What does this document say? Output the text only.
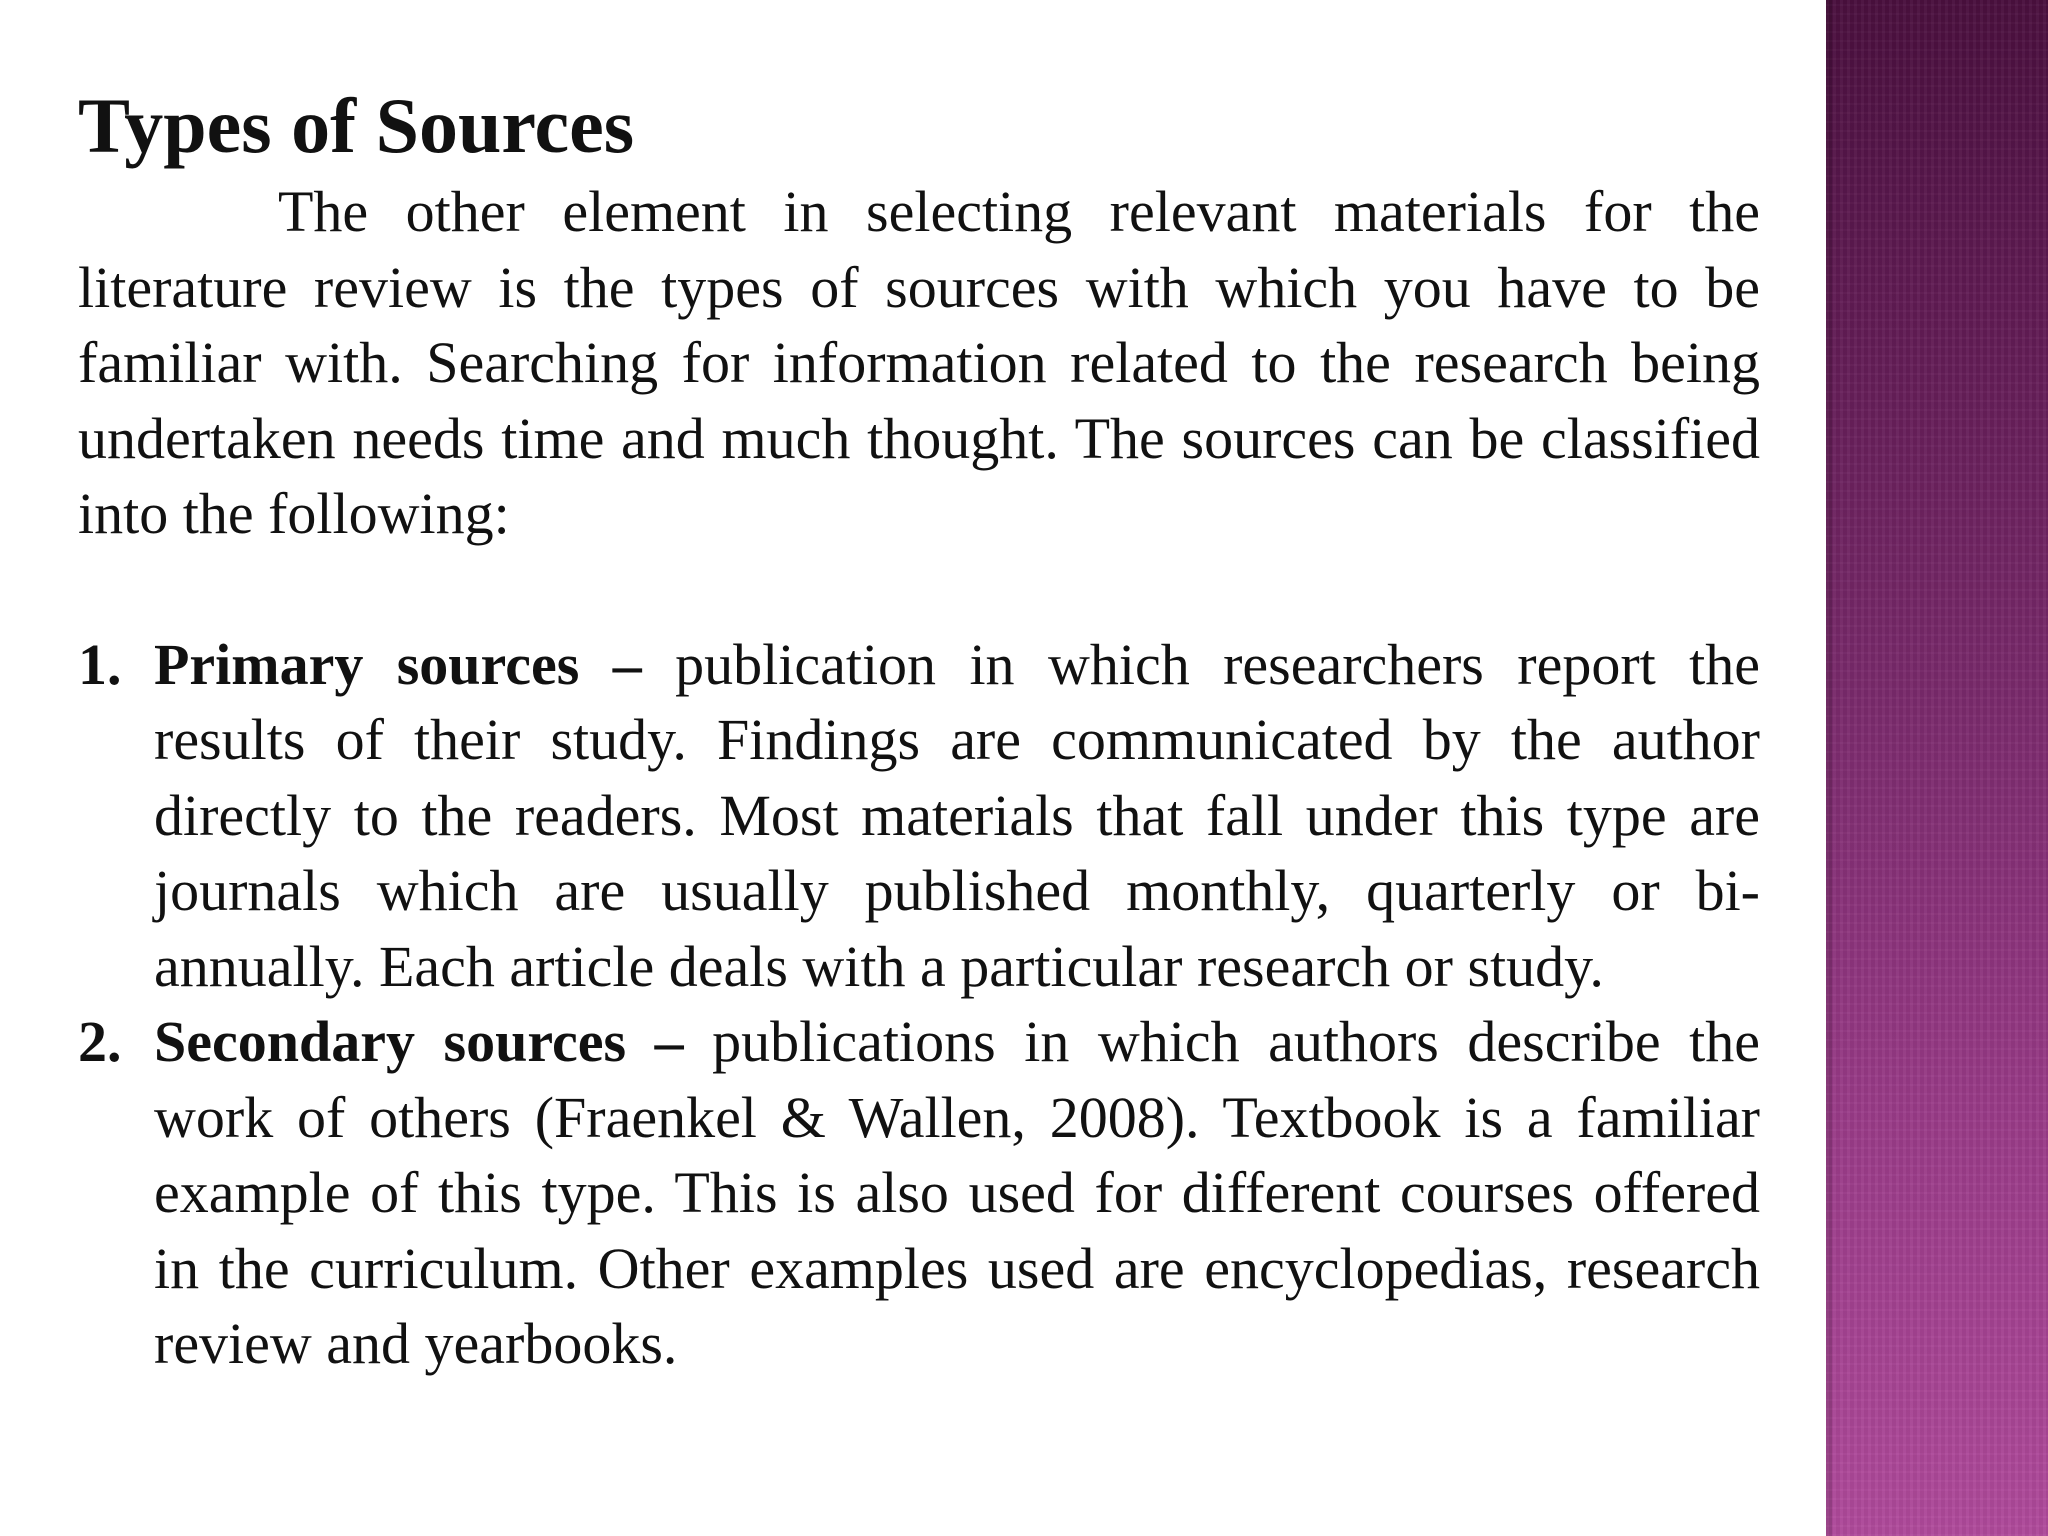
Types of Sources

The other element in selecting relevant materials for the literature review is the types of sources with which you have to be familiar with. Searching for information related to the research being undertaken needs time and much thought. The sources can be classified into the following:

1. Primary sources – publication in which researchers report the results of their study. Findings are communicated by the author directly to the readers. Most materials that fall under this type are journals which are usually published monthly, quarterly or bi-annually. Each article deals with a particular research or study.
2. Secondary sources – publications in which authors describe the work of others (Fraenkel & Wallen, 2008). Textbook is a familiar example of this type. This is also used for different courses offered in the curriculum. Other examples used are encyclopedias, research review and yearbooks.
